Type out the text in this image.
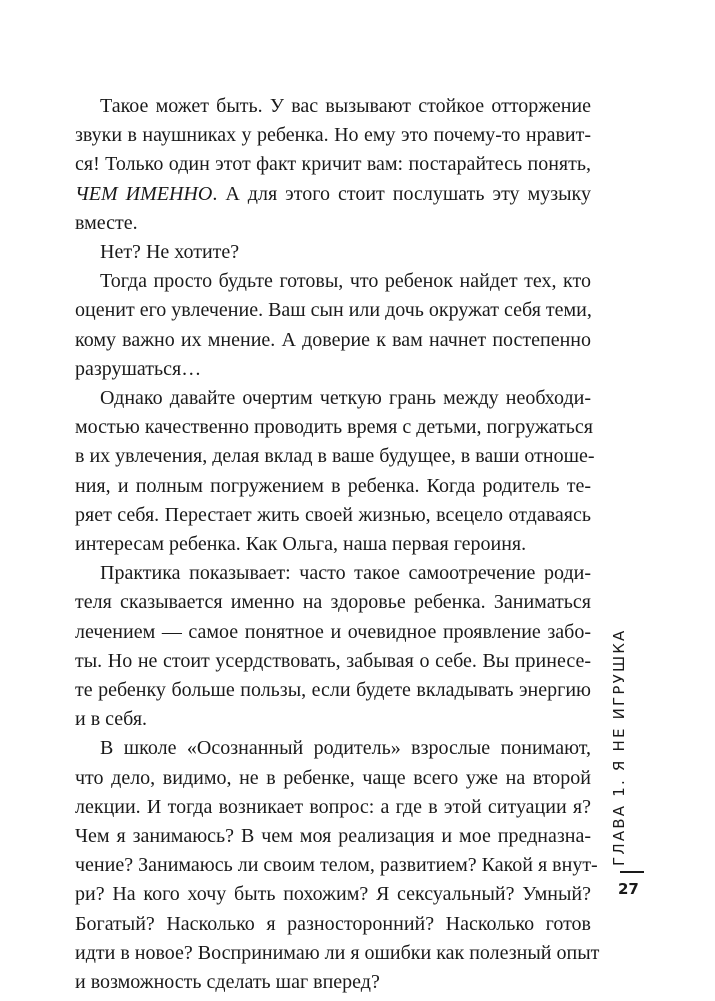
Такое может быть. У вас вызывают стойкое отторжение
звуки в наушниках у ребенка. Но ему это почему-то нравит-
ся! Только один этот факт кричит вам: постарайтесь понять,
ЧЕМ ИМЕННО. А для этого стоит послушать эту музыку
вместе.
Нет? Не хотите?
Тогда просто будьте готовы, что ребенок найдет тех, кто
оценит его увлечение. Ваш сын или дочь окружат себя теми,
кому важно их мнение. А доверие к вам начнет постепенно
разрушаться…
Однако давайте очертим четкую грань между необходи-
мостью качественно проводить время с детьми, погружаться
в их увлечения, делая вклад в ваше будущее, в ваши отноше-
ния, и полным погружением в ребенка. Когда родитель те-
ряет себя. Перестает жить своей жизнью, всецело отдаваясь
интересам ребенка. Как Ольга, наша первая героиня.
Практика показывает: часто такое самоотречение роди-
теля сказывается именно на здоровье ребенка. Заниматься
лечением — самое понятное и очевидное проявление забо-
ты. Но не стоит усердствовать, забывая о себе. Вы принесе-
те ребенку больше пользы, если будете вкладывать энергию
и в себя.
В школе «Осознанный родитель» взрослые понимают,
что дело, видимо, не в ребенке, чаще всего уже на второй
лекции. И тогда возникает вопрос: а где в этой ситуации я?
Чем я занимаюсь? В чем моя реализация и мое предназна-
чение? Занимаюсь ли своим телом, развитием? Какой я внут-
ри? На кого хочу быть похожим? Я сексуальный? Умный?
Богатый? Насколько я разносторонний? Насколько готов
идти в новое? Воспринимаю ли я ошибки как полезный опыт
и возможность сделать шаг вперед?
ГЛАВА 1. Я НЕ ИГРУШКА
27
